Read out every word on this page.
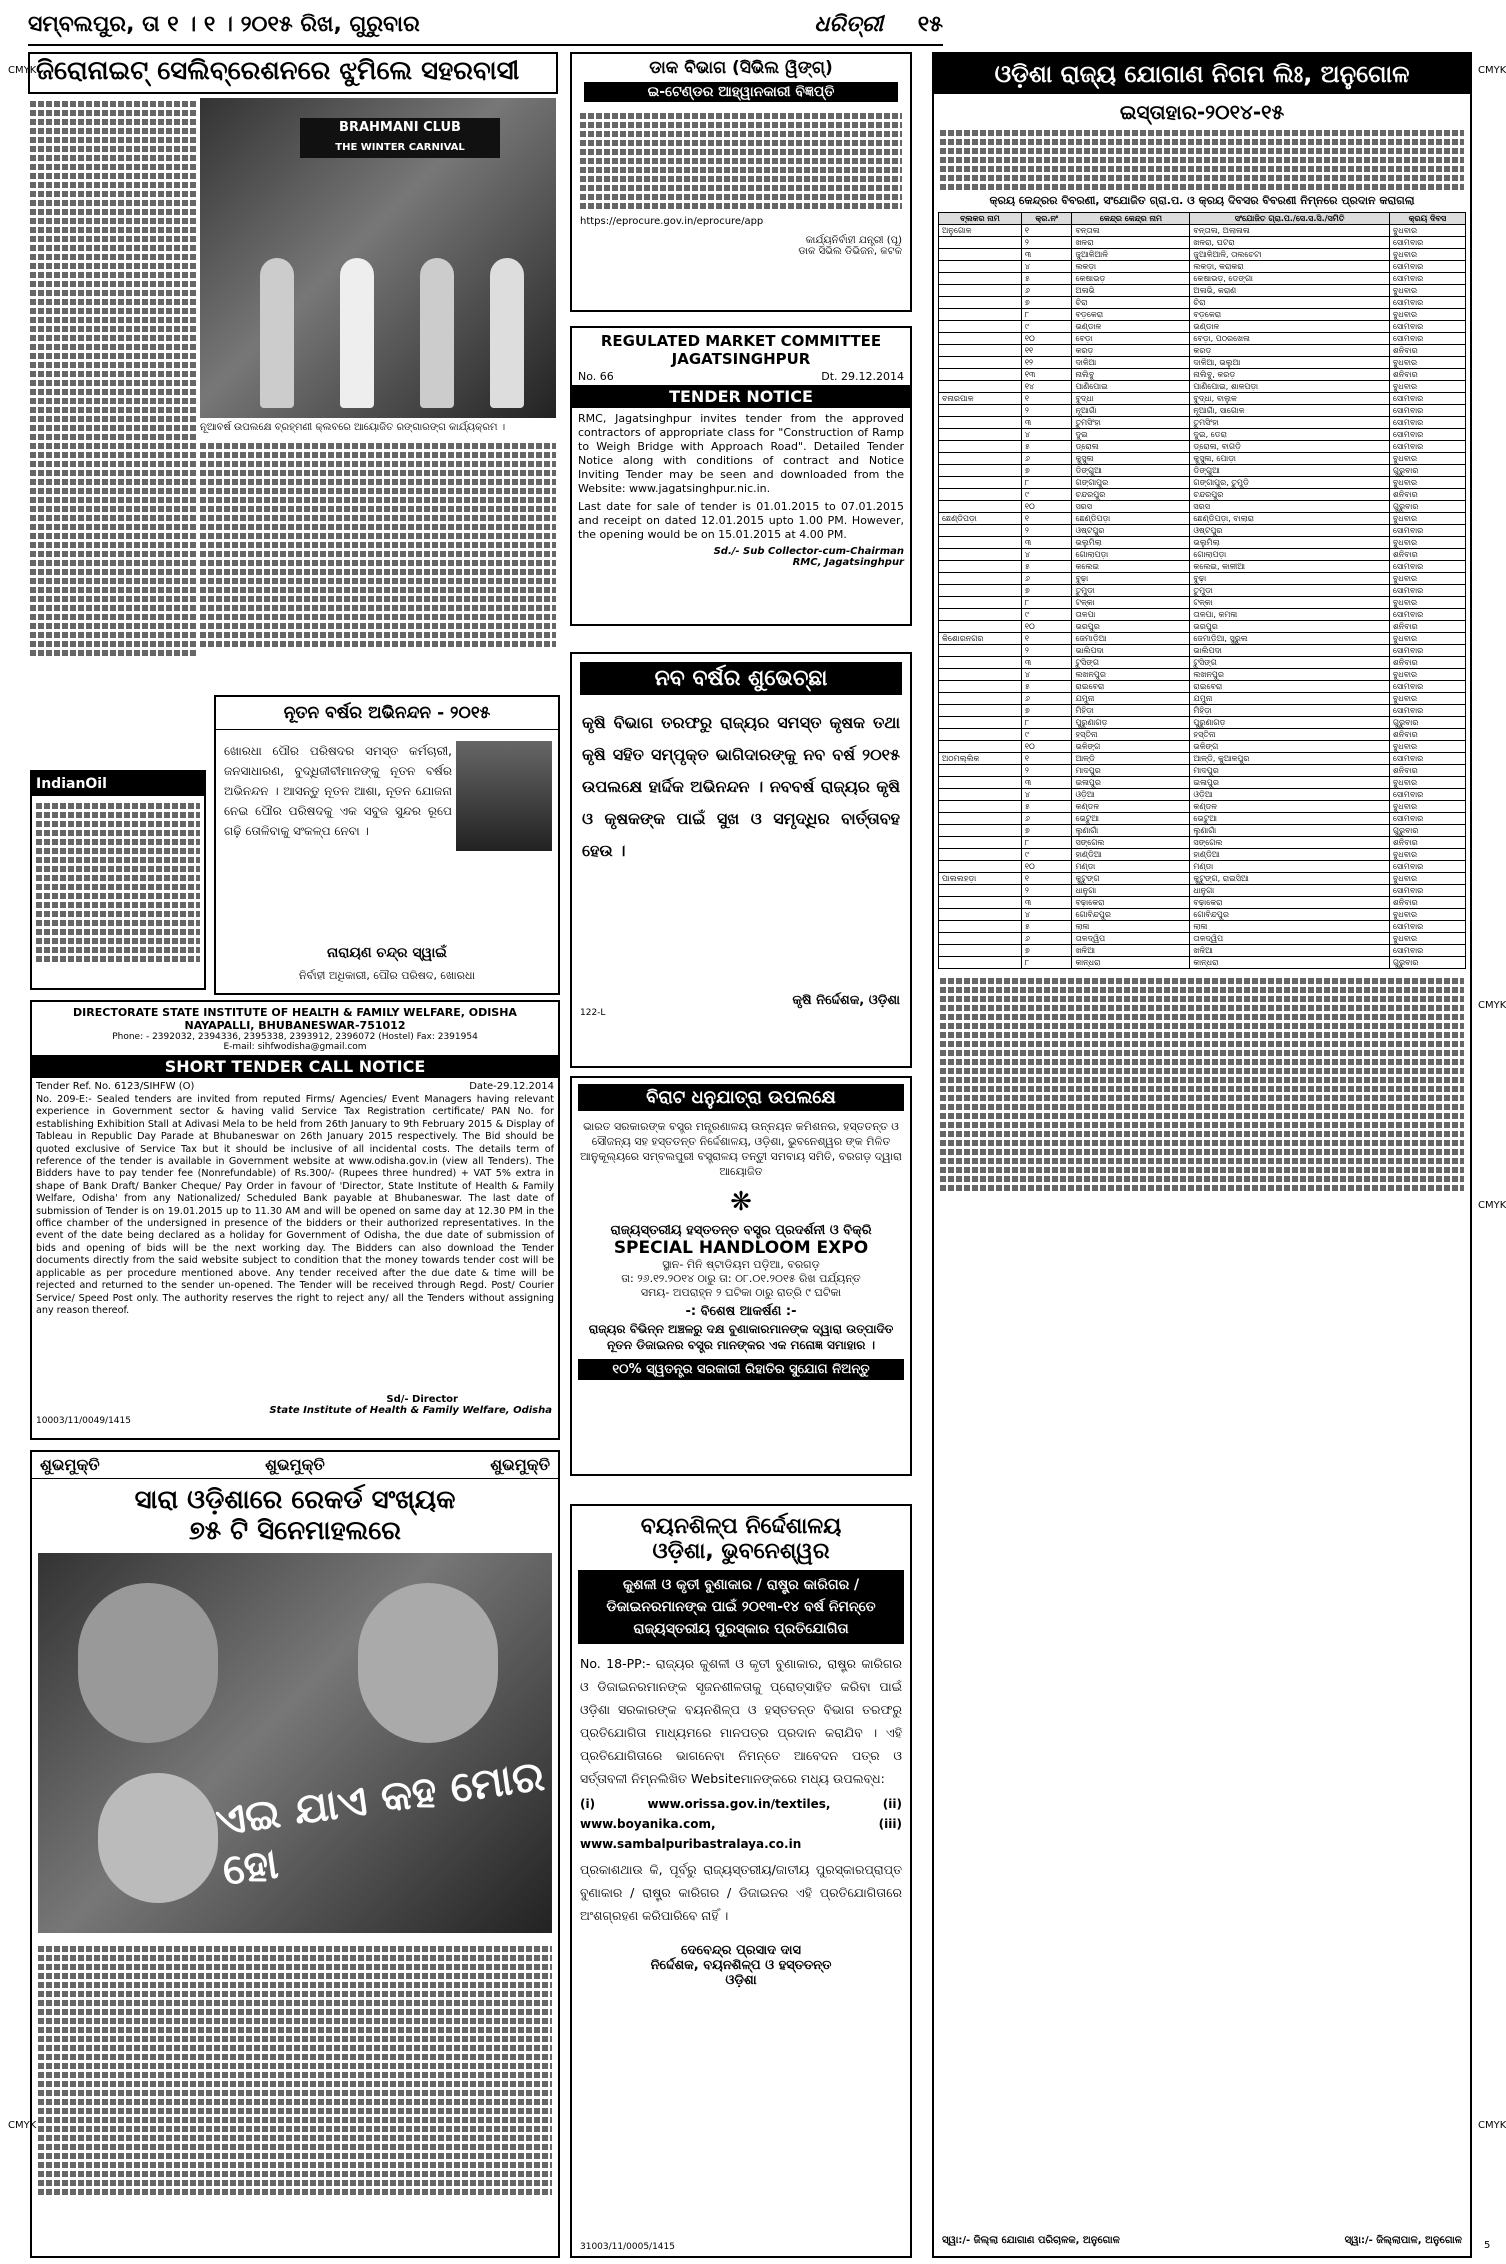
ସମ୍ବଲପୁର, ତା ୧ । ୧ । ୨୦୧୫ ରିଖ, ଗୁରୁବାର	ଧରିତ୍ରୀ ୧୫
CMYK	CMYK
CMYK
CMYK
CMYK	CMYK
5
ଜିରୋନାଇଟ୍ ସେଲିବ୍ରେଶନରେ ଝୁମିଲେ ସହରବାସୀ
BRAHMANI CLUB
THE WINTER CARNIVAL
ନୂଆବର୍ଷ ଉପଲକ୍ଷେ ବ୍ରହ୍ମଣୀ କ୍ଲବରେ ଆୟୋଜିତ ରଙ୍ଗାରଙ୍ଗ କାର୍ଯ୍ୟକ୍ରମ ।
ନୂତନ ବର୍ଷର ଅଭିନନ୍ଦନ - ୨୦୧୫
ଖୋରଧା ପୌର ପରିଷଦର ସମସ୍ତ କର୍ମଚାରୀ, ଜନସାଧାରଣ, ବୁଦ୍ଧିଜୀବୀମାନଙ୍କୁ ନୂତନ ବର୍ଷର ଅଭିନନ୍ଦନ । ଆସନ୍ତୁ ନୂତନ ଆଶା, ନୂତନ ଯୋଜନା ନେଇ ପୌର ପରିଷଦକୁ ଏକ ସବୁଜ ସୁନ୍ଦର ରୂପେ ଗଢ଼ି ତୋଳିବାକୁ ସଂକଳ୍ପ ନେବା ।
ନାରାୟଣ ଚନ୍ଦ୍ର ସ୍ୱାଇଁ
ନିର୍ବାହୀ ଅଧିକାରୀ, ପୌର ପରିଷଦ, ଖୋରଧା
IndianOil
DIRECTORATE STATE INSTITUTE OF HEALTH & FAMILY WELFARE, ODISHA
NAYAPALLI, BHUBANESWAR-751012
Phone: - 2392032, 2394336, 2395338, 2393912, 2396072 (Hostel) Fax: 2391954
E-mail: sihfwodisha@gmail.com
SHORT TENDER CALL NOTICE
Tender Ref. No. 6123/SIHFW (O)	Date-29.12.2014
No. 209-E:- Sealed tenders are invited from reputed Firms/ Agencies/ Event Managers having relevant experience in Government sector & having valid Service Tax Registration certificate/ PAN No. for establishing Exhibition Stall at Adivasi Mela to be held from 26th January to 9th February 2015 & Display of Tableau in Republic Day Parade at Bhubaneswar on 26th January 2015 respectively. The Bid should be quoted exclusive of Service Tax but it should be inclusive of all incidental costs. The details term of reference of the tender is available in Government website at www.odisha.gov.in (view all Tenders). The Bidders have to pay tender fee (Nonrefundable) of Rs.300/- (Rupees three hundred) + VAT 5% extra in shape of Bank Draft/ Banker Cheque/ Pay Order in favour of 'Director, State Institute of Health & Family Welfare, Odisha' from any Nationalized/ Scheduled Bank payable at Bhubaneswar. The last date of submission of Tender is on 19.01.2015 up to 11.30 AM and will be opened on same day at 12.30 PM in the office chamber of the undersigned in presence of the bidders or their authorized representatives. In the event of the date being declared as a holiday for Government of Odisha, the due date of submission of bids and opening of bids will be the next working day. The Bidders can also download the Tender documents directly from the said website subject to condition that the money towards tender cost will be applicable as per procedure mentioned above. Any tender received after the due date & time will be rejected and returned to the sender un-opened. The Tender will be received through Regd. Post/ Courier Service/ Speed Post only. The authority reserves the right to reject any/ all the Tenders without assigning any reason thereof.
Sd/- Director
State Institute of Health & Family Welfare, Odisha
10003/11/0049/1415
ଶୁଭମୁକ୍ତି	ଶୁଭମୁକ୍ତି	ଶୁଭମୁକ୍ତି
ସାରା ଓଡ଼ିଶାରେ ରେକର୍ଡ ସଂଖ୍ୟକ
୭୫ ଟି ସିନେମାହଲରେ
ଏଇ ଯାଏ କହ ମୋର ହୋ
ଡାକ ବିଭାଗ (ସିଭିଲ ୱିଙ୍ଗ୍)
ଇ-ଟେଣ୍ଡର ଆହ୍ୱାନକାରୀ ବିଜ୍ଞପ୍ତି
https://eprocure.gov.in/eprocure/app
କାର୍ଯ୍ୟନିର୍ବାହୀ ଯନ୍ତ୍ରୀ (ପୂ)
ଡାକ ସିଭିଲ ଡିଭିଜନ, କଟକ
REGULATED MARKET COMMITTEE
JAGATSINGHPUR
No. 66	Dt. 29.12.2014
TENDER NOTICE
RMC, Jagatsinghpur invites tender from the approved contractors of appropriate class for "Construction of Ramp to Weigh Bridge with Approach Road". Detailed Tender Notice along with conditions of contract and Notice Inviting Tender may be seen and downloaded from the Website: www.jagatsinghpur.nic.in.
Last date for sale of tender is 01.01.2015 to 07.01.2015 and receipt on dated 12.01.2015 upto 1.00 PM. However, the opening would be on 15.01.2015 at 4.00 PM.
Sd./- Sub Collector-cum-Chairman
RMC, Jagatsinghpur
ନବ ବର୍ଷର ଶୁଭେଚ୍ଛା
କୃଷି ବିଭାଗ ତରଫରୁ ରାଜ୍ୟର ସମସ୍ତ କୃଷକ ତଥା କୃଷି ସହିତ ସମ୍ପୃକ୍ତ ଭାଗିଦାରଙ୍କୁ ନବ ବର୍ଷ ୨୦୧୫ ଉପଲକ୍ଷେ ହାର୍ଦ୍ଦିକ ଅଭିନନ୍ଦନ । ନବବର୍ଷ ରାଜ୍ୟର କୃଷି ଓ କୃଷକଙ୍କ ପାଇଁ ସୁଖ ଓ ସମୃଦ୍ଧିର ବାର୍ତ୍ତାବହ ହେଉ ।
କୃଷି ନିର୍ଦ୍ଦେଶକ, ଓଡ଼ିଶା
122-L
ବିରାଟ ଧନୁଯାତ୍ରା ଉପଲକ୍ଷେ
ଭାରତ ସରକାରଙ୍କ ବସ୍ତ୍ର ମନ୍ତ୍ରଣାଳୟ ଉନ୍ନୟନ କମିଶନର, ହସ୍ତତନ୍ତ ଓ ସୌଜନ୍ୟ ସହ ହସ୍ତତନ୍ତ ନିର୍ଦ୍ଦେଶାଳୟ, ଓଡ଼ିଶା, ଭୁବନେଶ୍ୱର ଙ୍କ ମିଳିତ ଆନୁକୂଲ୍ୟରେ ସମ୍ବଲପୁରୀ ବସ୍ତ୍ରାଳୟ ତନ୍ତୁୀ ସମବାୟ ସମିତି, ବରଗଡ଼ ଦ୍ୱାରା ଆୟୋଜିତ
❋
ରାଜ୍ୟସ୍ତରୀୟ ହସ୍ତତନ୍ତ ବସ୍ତ୍ର ପ୍ରଦର୍ଶନୀ ଓ ବିକ୍ରି
SPECIAL HANDLOOM EXPO
ସ୍ଥାନ- ମିନି ଷ୍ଟାଡିୟମ ପଡ଼ିଆ, ବରଗଡ଼
ତା: ୨୬.୧୨.୨୦୧୪ ଠାରୁ ତା: ୦୮.୦୧.୨୦୧୫ ରିଖ ପର୍ଯ୍ୟନ୍ତ
ସମୟ- ଅପରାହ୍ନ ୨ ଘଟିକା ଠାରୁ ରାତ୍ରି ୯ ଘଟିକା
-: ବିଶେଷ ଆକର୍ଷଣ :-
ରାଜ୍ୟର ବିଭିନ୍ନ ଅଞ୍ଚଳରୁ ଦକ୍ଷ ବୁଣାକାରମାନଙ୍କ ଦ୍ୱାରା ଉତ୍ପାଦିତ ନୂତନ ଡିଜାଇନର ବସ୍ତ୍ର ମାନଙ୍କର ଏକ ମନୋଜ୍ଞ ସମାହାର ।
୧୦% ସ୍ୱତନ୍ତ୍ର ସରକାରୀ ରିହାତିର ସୁଯୋଗ ନିଅନ୍ତୁ
ବୟନଶିଳ୍ପ ନିର୍ଦ୍ଦେଶାଳୟ
ଓଡ଼ିଶା, ଭୁବନେଶ୍ୱର
କୁଶଳୀ ଓ କୃତୀ ବୁଣାକାର / ରାଷ୍ଟ୍ର କାରିଗର / ଡିଜାଇନରମାନଙ୍କ ପାଇଁ ୨୦୧୩-୧୪ ବର୍ଷ ନିମନ୍ତେ ରାଜ୍ୟସ୍ତରୀୟ ପୁରସ୍କାର ପ୍ରତିଯୋଗିତା
No. 18-PP:- ରାଜ୍ୟର କୁଶଳୀ ଓ କୃତୀ ବୁଣାକାର, ରାଷ୍ଟ୍ର କାରିଗର ଓ ଡିଜାଇନରମାନଙ୍କ ସୃଜନଶୀଳତାକୁ ପ୍ରୋତ୍ସାହିତ କରିବା ପାଇଁ ଓଡ଼ିଶା ସରକାରଙ୍କ ବୟନଶିଳ୍ପ ଓ ହସ୍ତତନ୍ତ ବିଭାଗ ତରଫରୁ ପ୍ରତିଯୋଗିତା ମାଧ୍ୟମରେ ମାନପତ୍ର ପ୍ରଦାନ କରାଯିବ । ଏହି ପ୍ରତିଯୋଗିତାରେ ଭାଗନେବା ନିମନ୍ତେ ଆବେଦନ ପତ୍ର ଓ ସର୍ତ୍ତାବଳୀ ନିମ୍ନଲିଖିତ Websiteମାନଙ୍କରେ ମଧ୍ୟ ଉପଲବ୍ଧ:
(i) www.orissa.gov.in/textiles, (ii) www.boyanika.com, (iii) www.sambalpuribastralaya.co.in
ପ୍ରକାଶଥାଉ କି, ପୂର୍ବରୁ ରାଜ୍ୟସ୍ତରୀୟ/ଜାତୀୟ ପୁରସ୍କାରପ୍ରାପ୍ତ ବୁଣାକାର / ରାଷ୍ଟ୍ର କାରିଗର / ଡିଜାଇନର ଏହି ପ୍ରତିଯୋଗିତାରେ ଅଂଶଗ୍ରହଣ କରିପାରିବେ ନାହିଁ ।
ଦେବେନ୍ଦ୍ର ପ୍ରସାଦ ଦାସ
ନିର୍ଦ୍ଦେଶକ, ବୟନଶିଳ୍ପ ଓ ହସ୍ତତନ୍ତ
ଓଡ଼ିଶା
31003/11/0005/1415
ଓଡ଼ିଶା ରାଜ୍ୟ ଯୋଗାଣ ନିଗମ ଲିଃ, ଅନୁଗୋଳ
ଇସ୍ତାହାର-୨୦୧୪-୧୫
କ୍ରୟ କେନ୍ଦ୍ରର ବିବରଣୀ, ସଂଯୋଜିତ ଗ୍ରା.ପ. ଓ କ୍ରୟ ଦିବସର ବିବରଣୀ ନିମ୍ନରେ ପ୍ରଦାନ କରାଗଲା
ବ୍ଲକର ନାମ	କ୍ର.ନଂ	କେନ୍ଦ୍ର କେନ୍ଦ୍ର ନାମ	ସଂଯୋଜିତ ଗ୍ରା.ପ./ସେ.ସ.ସି./ସମିତି	କ୍ରୟ ଦିବସ
ଅନୁଗୋଳ	୧	ବନ୍ତାଳା	ବନ୍ତାଳା, ଅଲାଳାଳା	ବୁଧବାର
	୨	ଖଳରା	ଖଳରା, ଘଟରା	ସୋମବାର
	୩	ଜୁଆଳିଆଳି	ଜୁଆଳିଆଳି, ତାଲଚେଟା	ବୁଧବାର
	୪	ଲକଡ଼ା	ଲକଡ଼ା, କରାକରା	ସୋମବାର
	୫	କେଷାଭଡ଼	କେଷାଭଡ଼, ଡେଙ୍ଗା	ସୋମବାର
	୬	ଅଳାଭି	ଅଳାଭି, କରାଣ	ବୁଧବାର
	୭	ଚିରା	ଚିରା	ସୋମବାର
	୮	ବଡ଼କେରା	ବଡ଼କେରା	ବୁଧବାର
	୯	ଭଣ୍ଡାଳ	ଭଣ୍ଡାଳ	ସୋମବାର
	୧୦	ବେଡ଼ା	ବେଡ଼ା, ପଠରଖେଳା	ସୋମବାର
	୧୧	କରଡ଼	କରଡ଼	ଶନିବାର
	୧୨	ଦାଳିଆ	ଦାଳିଆ, ଭଲୁଆ	ବୁଧବାର
	୧୩	ନାଲିବୁ	ନାଲିବୁ, କରଡ଼	ଶନିବାର
	୧୪	ପାଣିପୋଇ	ପାଣିପୋଇ, ଶାଳପଡ଼ା	ବୁଧବାର
ବନାରପାଳ	୧	ବୁଦ୍ଧା	ବୁଦ୍ଧା, ବାଲୁକ	ସୋମବାର
	୨	ନୂଆଗାଁ	ନୂଆଗାଁ, ସାଗୋଳ	ସୋମବାର
	୩	ତୁମସିଂହା	ତୁମସିଂହା	ସୋମବାର
	୪	ଦୁଇ	ଦୁଇ, ଡେରା	ସୋମବାର
	୫	ଡ୍ରୋଳା	ଡ୍ରୋଳା, ବାଗଡ଼ି	ସୋମବାର
	୬	କୁସୁଳା	କୁସୁଳା, ପୋଡ଼ା	ବୁଧବାର
	୭	ଡିଙ୍ଗୁଆ	ଡିଙ୍ଗୁଆ	ଗୁରୁବାର
	୮	ଗଙ୍ଗାପୁର	ଗଙ୍ଗାପୁର, ତୁମୁଡ଼ି	ବୁଧବାର
	୯	ଚନ୍ଦରପୁର	ଚନ୍ଦରପୁର	ଶନିବାର
	୧୦	ସରସ	ସରସ	ଗୁରୁବାର
ଛେଣ୍ଡିପଡ଼ା	୧	ଛେଣ୍ଡିପଡ଼ା	ଛେଣ୍ଡିପଡ଼ା, ବାଲାରା	ବୁଧବାର
	୨	ଓଷ୍ଟପୁର	ଓଷ୍ଟପୁର	ସୋମବାର
	୩	ଭଲୁମିଲା	ଭଲୁମିଲା	ବୁଧବାର
	୪	ଗୋଲାପଡ଼ା	ଗୋଲାପଡ଼ା	ଶନିବାର
	୫	କଲେଇ	କଲେଇ, କାଳୀଆ	ସୋମବାର
	୬	ବୁଢ଼ା	ବୁଢ଼ା	ବୁଧବାର
	୭	ତୁମୁଡ଼ା	ତୁମୁଡ଼ା	ସୋମବାର
	୮	ଟଳ୍କା	ଟଳ୍କା	ବୁଧବାର
	୯	ତାଳପା	ତାଳପା, କମଳା	ସୋମବାର
	୧୦	ଭରପୁର	ଭରପୁର	ଶନିବାର
କିଶୋରନଗର	୧	ଜେମାଡ଼ିଆ	ଜେମାଡ଼ିଆ, ସୁରୁଲ	ବୁଧବାର
	୨	ଭାଲିପଦା	ଭାଲିପଦା	ସୋମବାର
	୩	ଟୁସିଙ୍ଗ	ଟୁସିଙ୍ଗ	ଶନିବାର
	୪	ଲଖନପୁର	ଲଖନପୁର	ବୁଧବାର
	୫	ରାଇବେରା	ରାଇବେରା	ସୋମବାର
	୬	ଯମୁନା	ଯମୁନା	ବୁଧବାର
	୭	ମିହିଡ଼ା	ମିହିଡ଼ା	ସୋମବାର
	୮	ପୁରୁଣାଗଡ଼	ପୁରୁଣାଗଡ଼	ଗୁରୁବାର
	୯	ହସ୍ତିନା	ହସ୍ତିନା	ଶନିବାର
	୧୦	ଭଳିଙ୍ଗ	ଭଳିଙ୍ଗ	ବୁଧବାର
ଅଠମଲ୍ଲିକ	୧	ଆଳ୍ଡି	ଆଳ୍ଡି, କୁଆଳପୁର	ସୋମବାର
	୨	ମାଦପୁର	ମାଦପୁର	ଶନିବାର
	୩	ଇଳାପୁର	ଇଳାପୁର	ବୁଧବାର
	୪	ଓଡ଼ିଆ	ଓଡ଼ିଆ	ସୋମବାର
	୫	କଣ୍ଡଳ	କଣ୍ଡଳ	ବୁଧବାର
	୬	ଭେଟୁଆ	ଭେଟୁଆ	ସୋମବାର
	୭	ଲୁଣାଗାଁ	ଲୁଣାଗାଁ	ଗୁରୁବାର
	୮	ସଙ୍ଗେଲ	ସଙ୍ଗେଲ	ଶନିବାର
	୯	ହାଣ୍ଡିଆ	ହାଣ୍ଡିଆ	ବୁଧବାର
	୧୦	ମଣ୍ଡା	ମଣ୍ଡା	ସୋମବାର
ପାଲଲହଡ଼ା	୧	କୁଟୁଙ୍ଗ	କୁଟୁଙ୍ଗ, ରାଇସିଆ	ବୁଧବାର
	୨	ଧାନୁଗା	ଧାନୁଗା	ସୋମବାର
	୩	ବଢ଼ାକେରା	ବଢ଼ାକେରା	ଶନିବାର
	୪	ଗୋବିନ୍ଦପୁର	ଗୋବିନ୍ଦପୁର	ବୁଧବାର
	୫	ଲାଳା	ଲାଳା	ସୋମବାର
	୬	ତାଳଦ୍ୱିପ	ତାଳଦ୍ୱିପ	ବୁଧବାର
	୭	ଖଳିଆ	ଖଳିଆ	ସୋମବାର
	୮	କାନ୍ଧରା	କାନ୍ଧରା	ଗୁରୁବାର
ସ୍ୱା:/- ଜିଲ୍ଲା ଯୋଗାଣ ପରିଚାଳକ, ଅନୁଗୋଳ	ସ୍ୱା:/- ଜିଲ୍ଲାପାଳ, ଅନୁଗୋଳ
